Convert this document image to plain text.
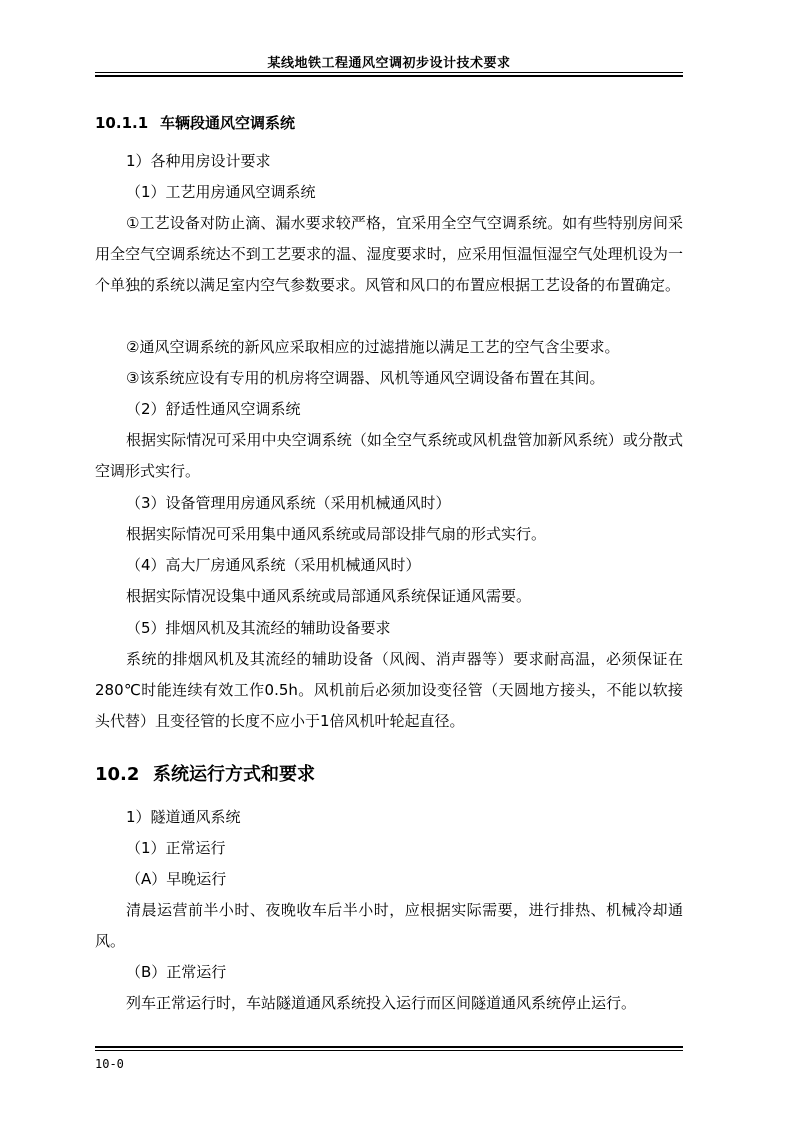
某线地铁工程通风空调初步设计技术要求
10.1.1 车辆段通风空调系统
1）各种用房设计要求
（1）工艺用房通风空调系统
①工艺设备对防止滴、漏水要求较严格，宜采用全空气空调系统。如有些特别房间采用全空气空调系统达不到工艺要求的温、湿度要求时，应采用恒温恒湿空气处理机设为一个单独的系统以满足室内空气参数要求。风管和风口的布置应根据工艺设备的布置确定。
②通风空调系统的新风应采取相应的过滤措施以满足工艺的空气含尘要求。
③该系统应设有专用的机房将空调器、风机等通风空调设备布置在其间。
（2）舒适性通风空调系统
根据实际情况可采用中央空调系统（如全空气系统或风机盘管加新风系统）或分散式空调形式实行。
（3）设备管理用房通风系统（采用机械通风时）
根据实际情况可采用集中通风系统或局部设排气扇的形式实行。
（4）高大厂房通风系统（采用机械通风时）
根据实际情况设集中通风系统或局部通风系统保证通风需要。
（5）排烟风机及其流经的辅助设备要求
系统的排烟风机及其流经的辅助设备（风阀、消声器等）要求耐高温，必须保证在280℃时能连续有效工作0.5h。风机前后必须加设变径管（天圆地方接头，不能以软接头代替）且变径管的长度不应小于1倍风机叶轮起直径。
10.2 系统运行方式和要求
1）隧道通风系统
（1）正常运行
（A）早晚运行
清晨运营前半小时、夜晚收车后半小时，应根据实际需要，进行排热、机械冷却通风。
（B）正常运行
列车正常运行时，车站隧道通风系统投入运行而区间隧道通风系统停止运行。
10-0
